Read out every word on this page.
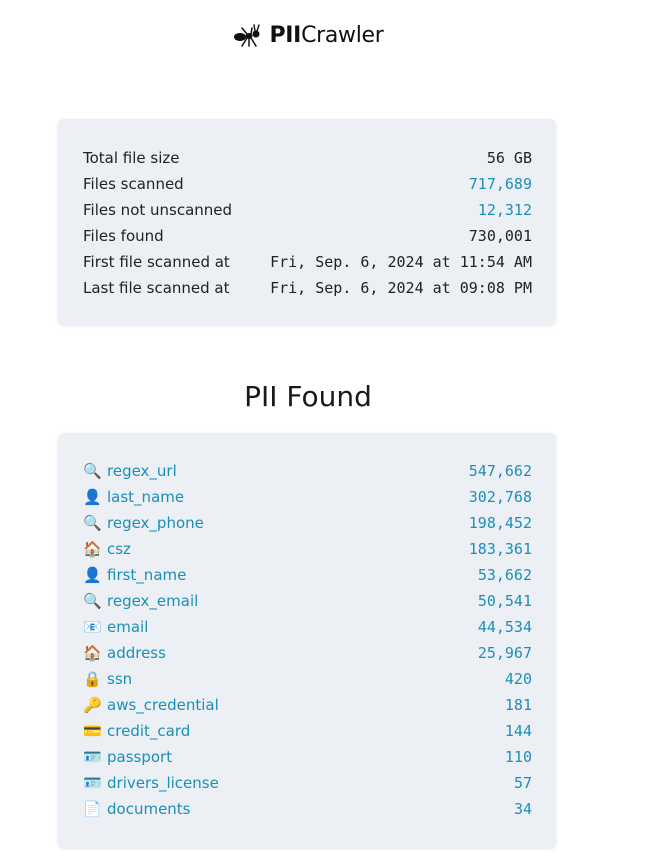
PIICrawler
Total file size	56 GB
Files scanned	717,689
Files not unscanned	12,312
Files found	730,001
First file scanned at	Fri, Sep. 6, 2024 at 11:54 AM
Last file scanned at	Fri, Sep. 6, 2024 at 09:08 PM
PII Found
🔍 regex_url	547,662
👤 last_name	302,768
🔍 regex_phone	198,452
🏠 csz	183,361
👤 first_name	53,662
🔍 regex_email	50,541
📧 email	44,534
🏠 address	25,967
🔒 ssn	420
🔑 aws_credential	181
💳 credit_card	144
🪪 passport	110
🪪 drivers_license	57
📄 documents	34
